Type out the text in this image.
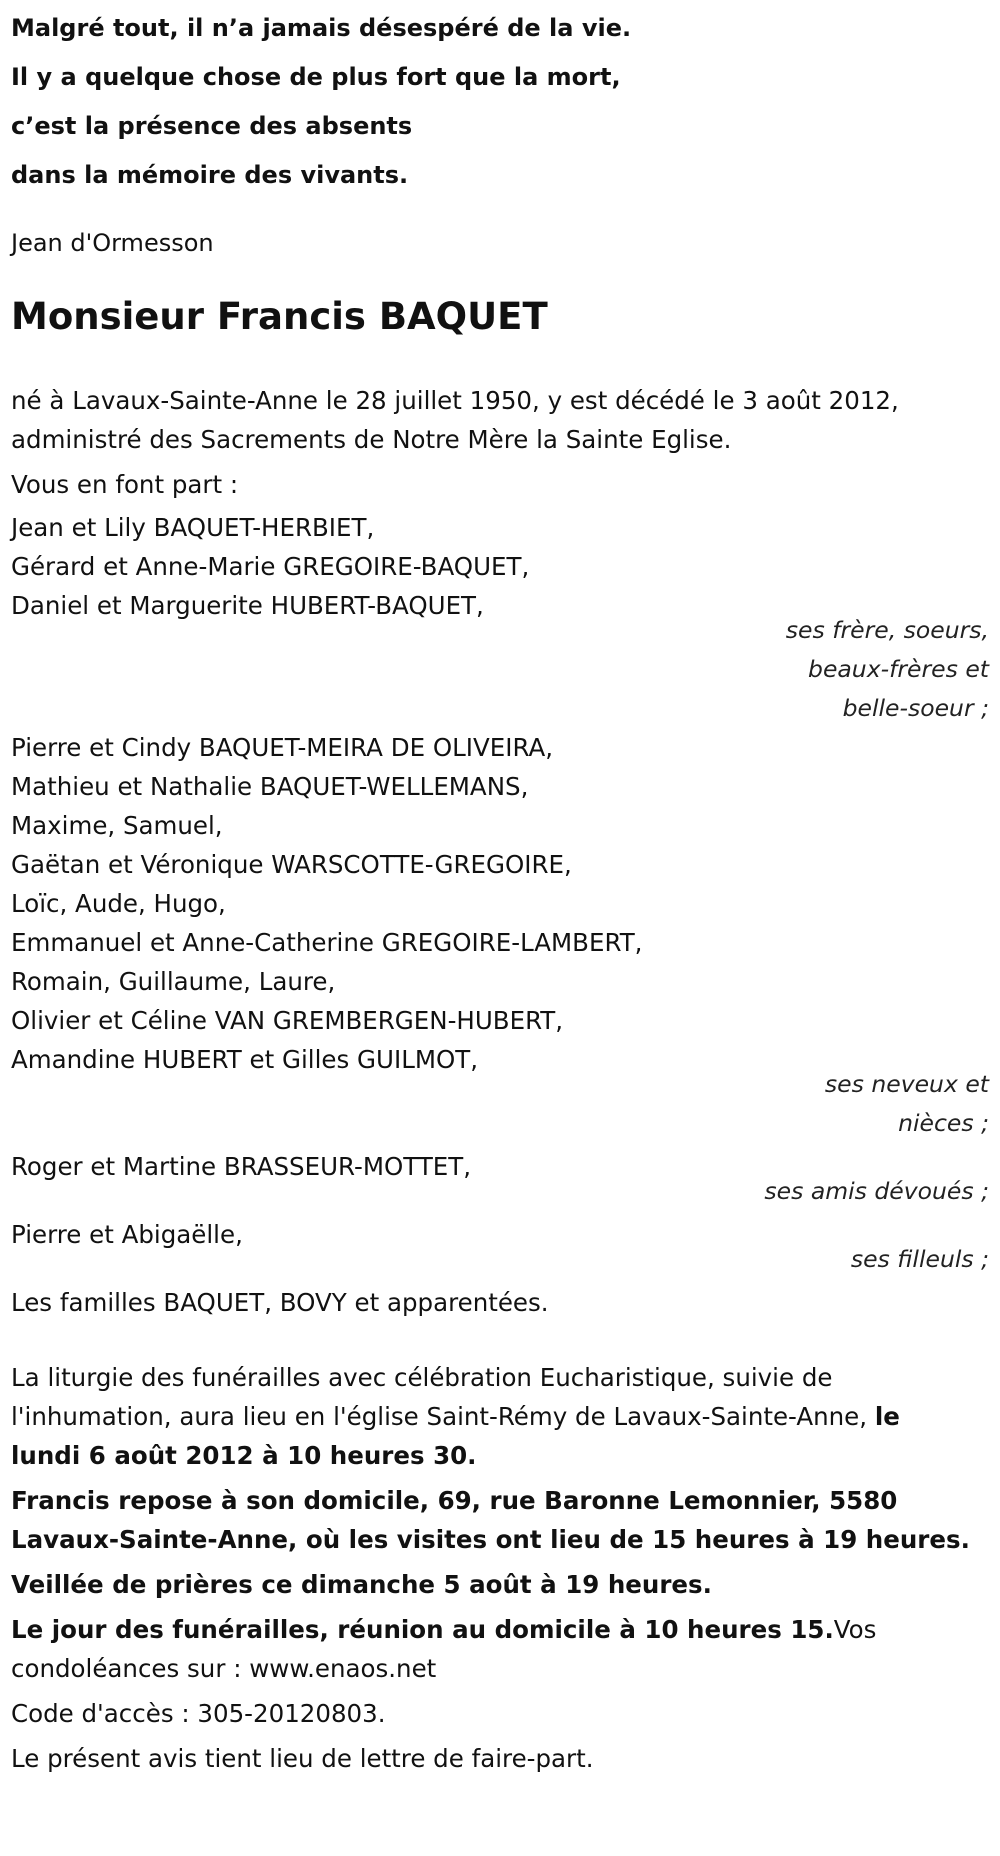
Malgré tout, il n’a jamais désespéré de la vie.
Il y a quelque chose de plus fort que la mort,
c’est la présence des absents
dans la mémoire des vivants.
Jean d'Ormesson
Monsieur Francis BAQUET
né à Lavaux-Sainte-Anne le 28 juillet 1950, y est décédé le 3 août 2012,
administré des Sacrements de Notre Mère la Sainte Eglise.
Vous en font part :
Jean et Lily BAQUET-HERBIET,
Gérard et Anne-Marie GREGOIRE-BAQUET,
Daniel et Marguerite HUBERT-BAQUET,
ses frère, soeurs,
beaux-frères et
belle-soeur ;
Pierre et Cindy BAQUET-MEIRA DE OLIVEIRA,
Mathieu et Nathalie BAQUET-WELLEMANS,
Maxime, Samuel,
Gaëtan et Véronique WARSCOTTE-GREGOIRE,
Loïc, Aude, Hugo,
Emmanuel et Anne-Catherine GREGOIRE-LAMBERT,
Romain, Guillaume, Laure,
Olivier et Céline VAN GREMBERGEN-HUBERT,
Amandine HUBERT et Gilles GUILMOT,
ses neveux et
nièces ;
Roger et Martine BRASSEUR-MOTTET,
ses amis dévoués ;
Pierre et Abigaëlle,
ses filleuls ;
Les familles BAQUET, BOVY et apparentées.
La liturgie des funérailles avec célébration Eucharistique, suivie de
l'inhumation, aura lieu en l'église Saint-Rémy de Lavaux-Sainte-Anne, le
lundi 6 août 2012 à 10 heures 30.
Francis repose à son domicile, 69, rue Baronne Lemonnier, 5580
Lavaux-Sainte-Anne, où les visites ont lieu de 15 heures à 19 heures.
Veillée de prières ce dimanche 5 août à 19 heures.
Le jour des funérailles, réunion au domicile à 10 heures 15.Vos
condoléances sur : www.enaos.net
Code d'accès : 305-20120803.
Le présent avis tient lieu de lettre de faire-part.
